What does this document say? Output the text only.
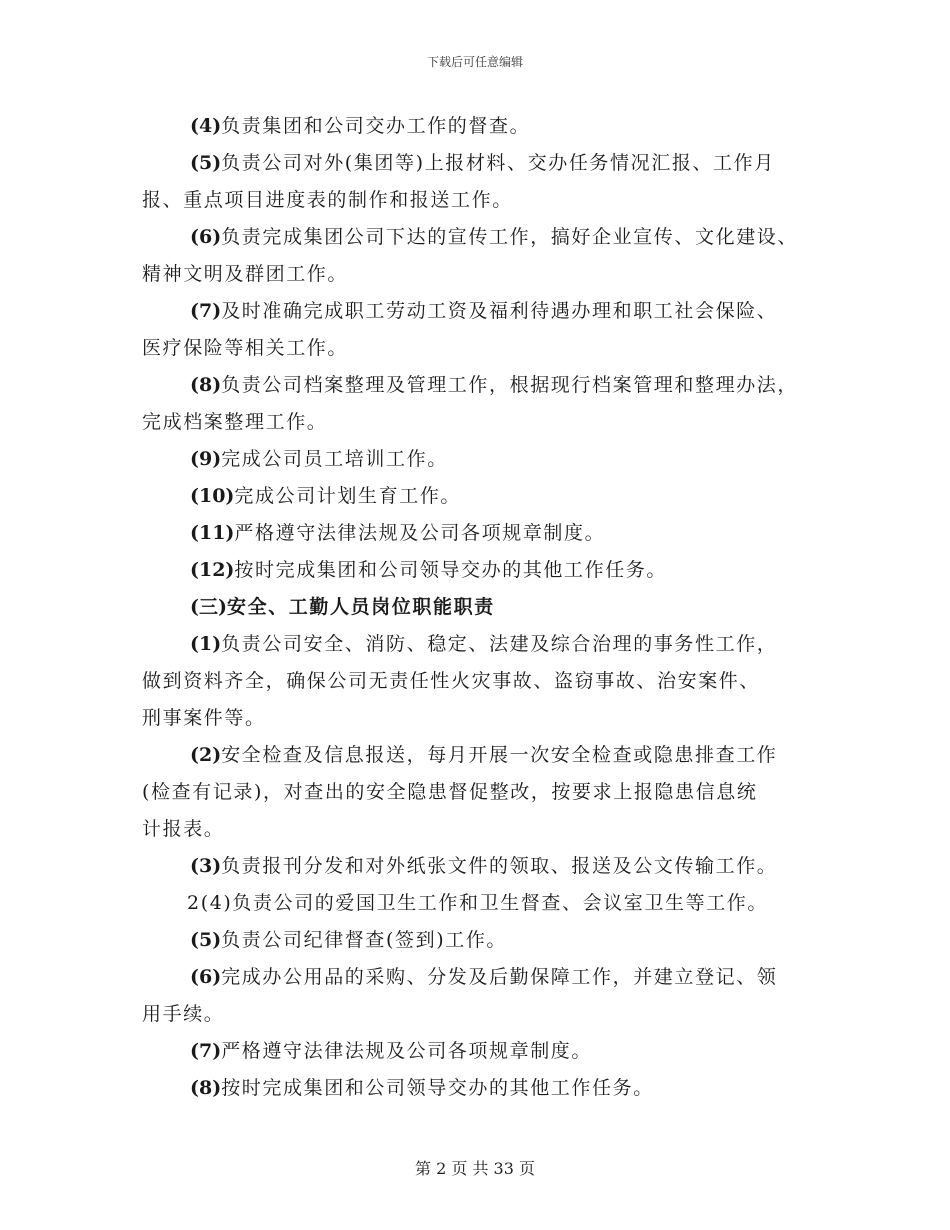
下载后可任意编辑
(4)负责集团和公司交办工作的督查。
(5)负责公司对外(集团等)上报材料、交办任务情况汇报、工作月
报、重点项目进度表的制作和报送工作。
(6)负责完成集团公司下达的宣传工作，搞好企业宣传、文化建设、
精神文明及群团工作。
(7)及时准确完成职工劳动工资及福利待遇办理和职工社会保险、
医疗保险等相关工作。
(8)负责公司档案整理及管理工作，根据现行档案管理和整理办法，
完成档案整理工作。
(9)完成公司员工培训工作。
(10)完成公司计划生育工作。
(11)严格遵守法律法规及公司各项规章制度。
(12)按时完成集团和公司领导交办的其他工作任务。
(三)安全、工勤人员岗位职能职责
(1)负责公司安全、消防、稳定、法建及综合治理的事务性工作，
做到资料齐全，确保公司无责任性火灾事故、盗窃事故、治安案件、
刑事案件等。
(2)安全检查及信息报送，每月开展一次安全检查或隐患排查工作
(检查有记录)，对查出的安全隐患督促整改，按要求上报隐患信息统
计报表。
(3)负责报刊分发和对外纸张文件的领取、报送及公文传输工作。
2(4)负责公司的爱国卫生工作和卫生督查、会议室卫生等工作。
(5)负责公司纪律督查(签到)工作。
(6)完成办公用品的采购、分发及后勤保障工作，并建立登记、领
用手续。
(7)严格遵守法律法规及公司各项规章制度。
(8)按时完成集团和公司领导交办的其他工作任务。
第 2 页 共 33 页
